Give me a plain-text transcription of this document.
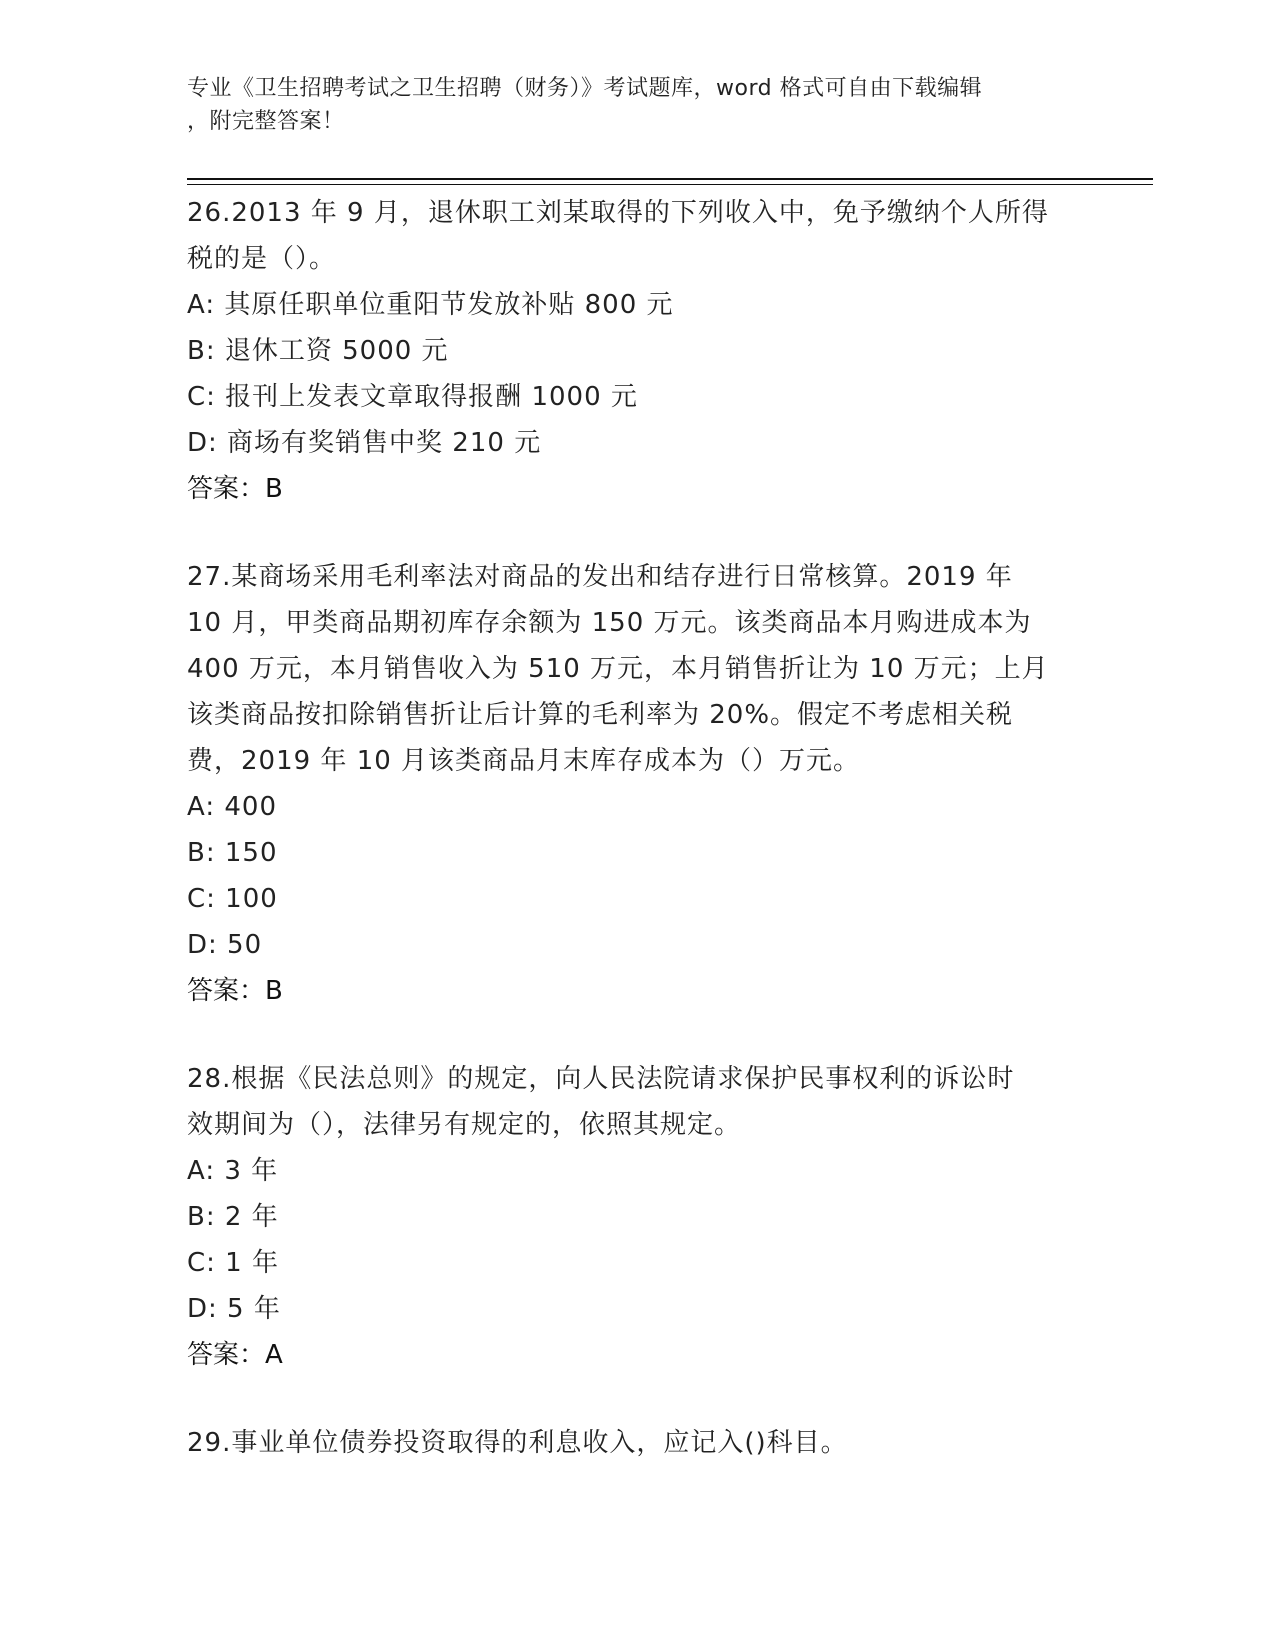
专业《卫生招聘考试之卫生招聘（财务）》考试题库，word 格式可自由下载编辑
，附完整答案！
26.2013 年 9 月，退休职工刘某取得的下列收入中，免予缴纳个人所得
税的是（）。
A: 其原任职单位重阳节发放补贴 800 元
B: 退休工资 5000 元
C: 报刊上发表文章取得报酬 1000 元
D: 商场有奖销售中奖 210 元
答案：B
27.某商场采用毛利率法对商品的发出和结存进行日常核算。2019 年
10 月，甲类商品期初库存余额为 150 万元。该类商品本月购进成本为
400 万元，本月销售收入为 510 万元，本月销售折让为 10 万元；上月
该类商品按扣除销售折让后计算的毛利率为 20%。假定不考虑相关税
费，2019 年 10 月该类商品月末库存成本为（）万元。
A: 400
B: 150
C: 100
D: 50
答案：B
28.根据《民法总则》的规定，向人民法院请求保护民事权利的诉讼时
效期间为（），法律另有规定的，依照其规定。
A: 3 年
B: 2 年
C: 1 年
D: 5 年
答案：A
29.事业单位债券投资取得的利息收入，应记入()科目。
